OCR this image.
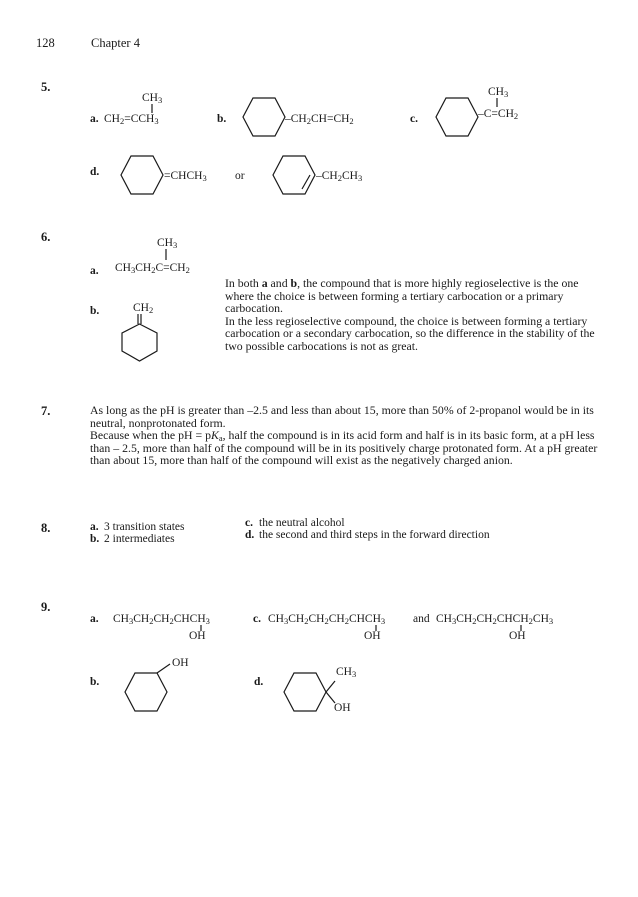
128	Chapter 4
5.
a.
$CH_3$
$CH_2=CCH_3$	b.	$-CH_2CH=CH_2$	c.
$CH_3$
$-C=CH_2$
d.	$=CHCH_3$ or	$-CH_2CH_3$
6.
a.
$CH_3$
$CH_3CH_2C=CH_2$
b.	$CH_2$

In both a and b, the compound that is more highly regioselective is the one where the choice is between forming a tertiary carbocation or a primary carbocation.

In the less regioselective compound, the choice is between forming a tertiary carbocation or a secondary carbocation, so the difference in the stability of the two possible carbocations is not as great.

7.	As long as the pH is greater than –2.5 and less than about 15, more than 50% of 2-propanol would be in its neutral, nonprotonated form.

Because when the pH = $pK_a$, half the compound is in its acid form and half is in its basic form, at a pH less than – 2.5, more than half of the compound will be in its positively charge protonated form. At a pH greater than about 15, more than half of the compound will exist as the negatively charged anion.

8.	a. 3 transition states
b. 2 intermediates
c. the neutral alcohol
d. the second and third steps in the forward direction
9.
a. $CH_3CH_2CH_2CHCH_3$
OH
c. $CH_3CH_2CH_2CH_2CHCH_3$
OH
and $CH_3CH_2CH_2CHCH_2CH_3$
OH
b.
OH
d.
$CH_3$
OH
